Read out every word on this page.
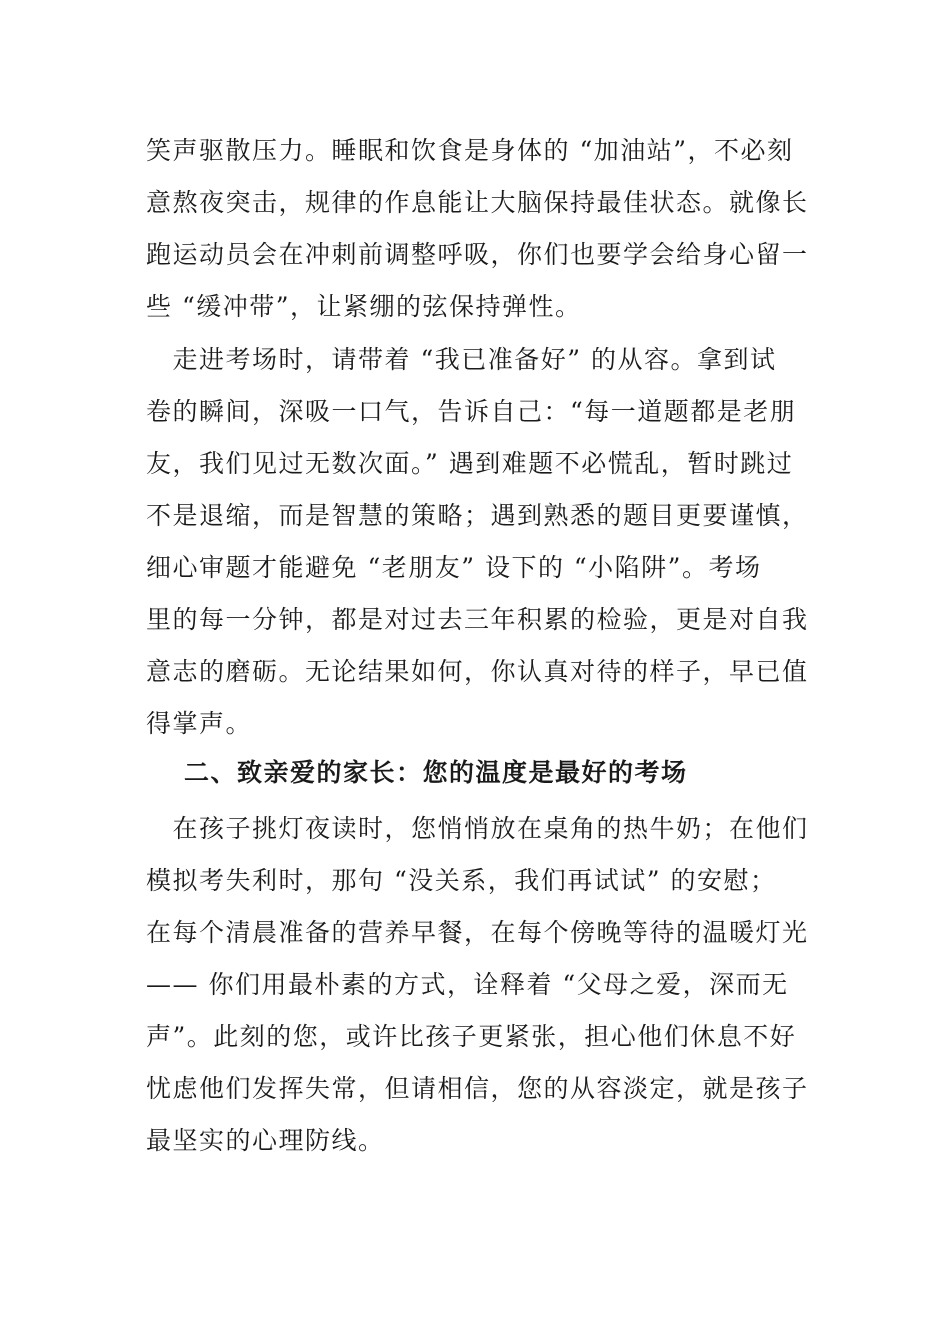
笑声驱散压力。睡眠和饮食是身体的 “加油站”，不必刻
意熬夜突击，规律的作息能让大脑保持最佳状态。就像长
跑运动员会在冲刺前调整呼吸，你们也要学会给身心留一
些 “缓冲带”，让紧绷的弦保持弹性。
　走进考场时，请带着 “我已准备好” 的从容。拿到试
卷的瞬间，深吸一口气，告诉自己：“每一道题都是老朋
友，我们见过无数次面。” 遇到难题不必慌乱，暂时跳过
不是退缩，而是智慧的策略；遇到熟悉的题目更要谨慎，
细心审题才能避免 “老朋友” 设下的 “小陷阱”。考场
里的每一分钟，都是对过去三年积累的检验，更是对自我
意志的磨砺。无论结果如何，你认真对待的样子，早已值
得掌声。
二、致亲爱的家长：您的温度是最好的考场
　在孩子挑灯夜读时，您悄悄放在桌角的热牛奶；在他们
模拟考失利时，那句 “没关系，我们再试试” 的安慰；
在每个清晨准备的营养早餐，在每个傍晚等待的温暖灯光
—— 你们用最朴素的方式，诠释着 “父母之爱，深而无
声”。此刻的您，或许比孩子更紧张，担心他们休息不好
忧虑他们发挥失常，但请相信，您的从容淡定，就是孩子
最坚实的心理防线。
